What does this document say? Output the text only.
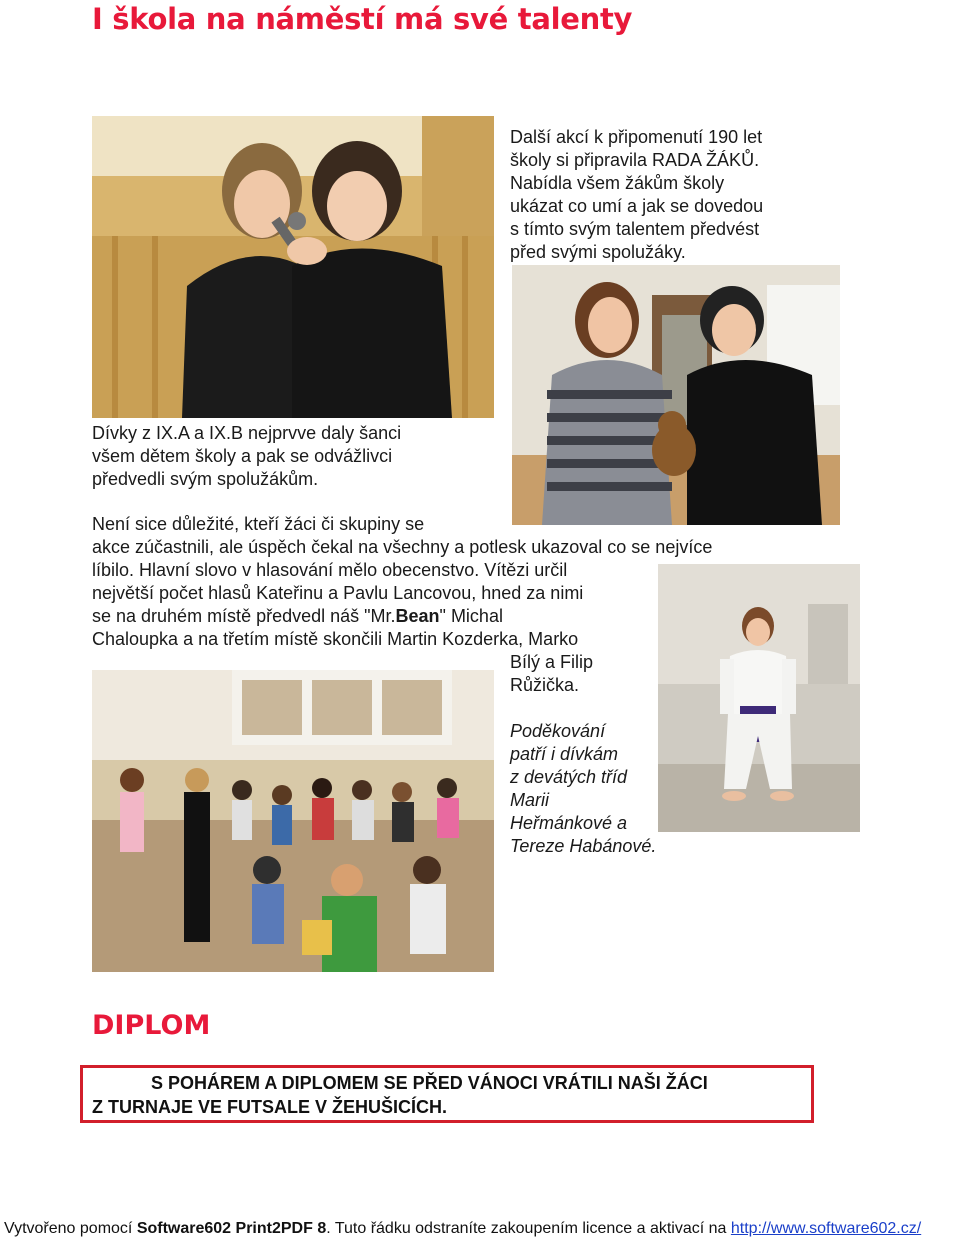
I škola na náměstí má své talenty
Další akcí k připomenutí 190 let
školy si připravila RADA ŽÁKŮ.
Nabídla všem žákům školy
ukázat co umí a jak se dovedou
s tímto svým talentem předvést
před svými spolužáky.
Dívky z IX.A a IX.B nejprvve daly šanci
všem dětem školy a pak se odvážlivci
předvedli svým spolužákům.
Není sice důležité, kteří žáci či skupiny se
akce zúčastnili, ale úspěch čekal na všechny a potlesk ukazoval co se nejvíce
líbilo. Hlavní slovo v hlasování mělo obecenstvo. Vítězi určil
největší počet hlasů Kateřinu a Pavlu Lancovou, hned za nimi
se na druhém místě předvedl náš "Mr.Bean" Michal
Chaloupka a na třetím místě skončili Martin Kozderka, Marko
Bílý a Filip
Růžička.
Poděkování
patří i dívkám
z devátých tříd
Marii
Heřmánkové a
Tereze Habánové.
DIPLOM
S POHÁREM A DIPLOMEM SE PŘED VÁNOCI VRÁTILI NAŠI ŽÁCI
Z TURNAJE VE FUTSALE V ŽEHUŠICÍCH.
Vytvořeno pomocí Software602 Print2PDF 8. Tuto řádku odstraníte zakoupením licence a aktivací na http://www.software602.cz/
